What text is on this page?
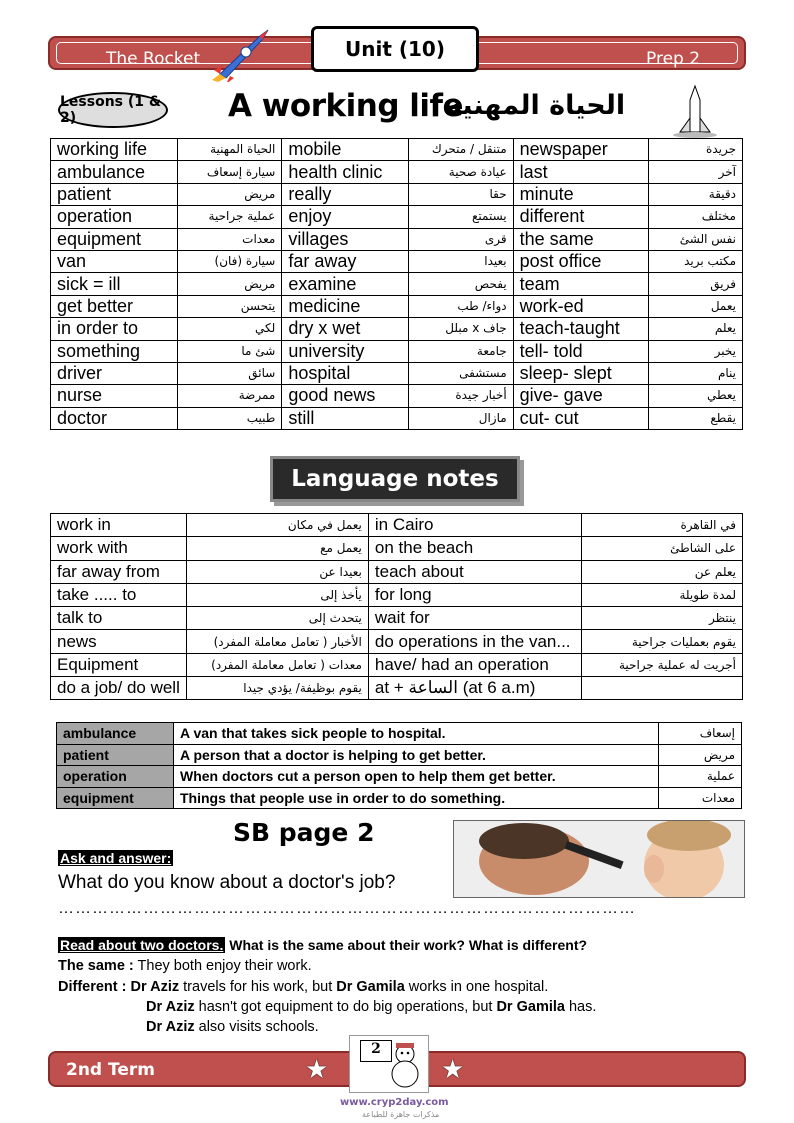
The Rocket	Prep 2
Unit (10)
Lessons (1 & 2)	A working life
الحياة المهنية
working life	الحياة المهنية	mobile	متنقل / متحرك	newspaper	جريدة
ambulance	سيارة إسعاف	health clinic	عيادة صحية	last	آخر
patient	مريض	really	حقا	minute	دقيقة
operation	عملية جراحية	enjoy	يستمتع	different	مختلف
equipment	معدات	villages	قرى	the same	نفس الشئ
van	سيارة (فان)	far away	بعيدا	post office	مكتب بريد
sick = ill	مريض	examine	يفحص	team	فريق
get better	يتحسن	medicine	دواء/ طب	work-ed	يعمل
in order to	لكي	dry x wet	جاف x مبلل	teach-taught	يعلم
something	شئ ما	university	جامعة	tell- told	يخبر
driver	سائق	hospital	مستشفى	sleep- slept	ينام
nurse	ممرضة	good news	أخبار جيدة	give- gave	يعطي
doctor	طبيب	still	مازال	cut- cut	يقطع
Language notes
work in	يعمل في مكان	in Cairo	في القاهرة
work with	يعمل مع	on the beach	على الشاطئ
far away from	بعيدا عن	teach about	يعلم عن
take ..... to	يأخذ إلى	for long	لمدة طويلة
talk to	يتحدث إلى	wait for	ينتظر
news	الأخبار ( تعامل معاملة المفرد)	do operations in the van...	يقوم بعمليات جراحية
Equipment	معدات ( تعامل معاملة المفرد)	have/ had an operation	أجريت له عملية جراحية
do a job/ do well	يقوم بوظيفة/ يؤدي جيدا	at + الساعة (at 6 a.m)	
ambulance	A van that takes sick people to hospital.	إسعاف
patient	A person that a doctor is helping to get better.	مريض
operation	When doctors cut a person open to help them get better.	عملية
equipment	Things that people use in order to do something.	معدات
SB page 2
Ask and answer:
What do you know about a doctor's job?
…………………………………………………………………………………………
Read about two doctors. What is the same about their work? What is different?
The same : They both enjoy their work.
Different : Dr Aziz travels for his work, but Dr Gamila works in one hospital.
Dr Aziz hasn't got equipment to do big operations, but Dr Gamila has.
Dr Aziz also visits schools.
2nd Term	★	★
2
www.cryp2day.com
مذكرات جاهزة للطباعة
